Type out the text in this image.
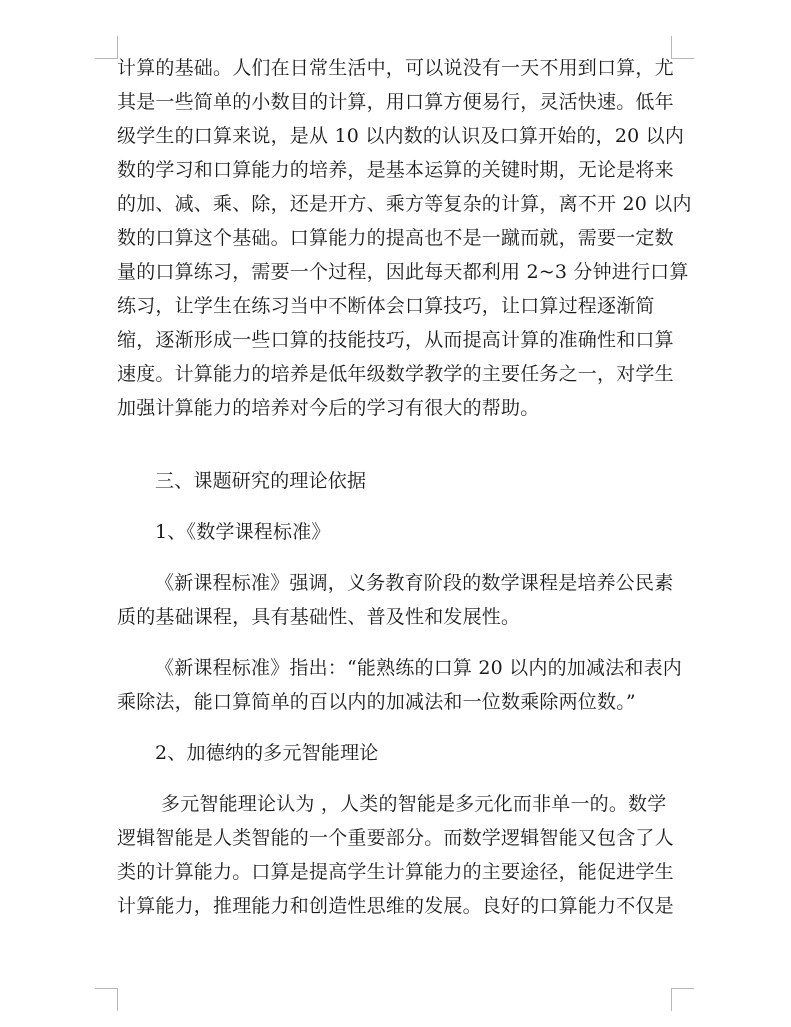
计算的基础。人们在日常生活中，可以说没有一天不用到口算，尤
其是一些简单的小数目的计算，用口算方便易行，灵活快速。低年
级学生的口算来说，是从 10 以内数的认识及口算开始的，20 以内
数的学习和口算能力的培养，是基本运算的关键时期，无论是将来
的加、减、乘、除，还是开方、乘方等复杂的计算，离不开 20 以内
数的口算这个基础。口算能力的提高也不是一蹴而就，需要一定数
量的口算练习，需要一个过程，因此每天都利用 2~3 分钟进行口算
练习，让学生在练习当中不断体会口算技巧，让口算过程逐渐简
缩，逐渐形成一些口算的技能技巧，从而提高计算的准确性和口算
速度。计算能力的培养是低年级数学教学的主要任务之一，对学生
加强计算能力的培养对今后的学习有很大的帮助。
三、课题研究的理论依据
1、《数学课程标准》
《新课程标准》强调，义务教育阶段的数学课程是培养公民素
质的基础课程，具有基础性、普及性和发展性。
《新课程标准》指出：“能熟练的口算 20 以内的加减法和表内
乘除法，能口算简单的百以内的加减法和一位数乘除两位数。”
2、加德纳的多元智能理论
多元智能理论认为 ，人类的智能是多元化而非单一的。数学
逻辑智能是人类智能的一个重要部分。而数学逻辑智能又包含了人
类的计算能力。口算是提高学生计算能力的主要途径，能促进学生
计算能力，推理能力和创造性思维的发展。良好的口算能力不仅是
